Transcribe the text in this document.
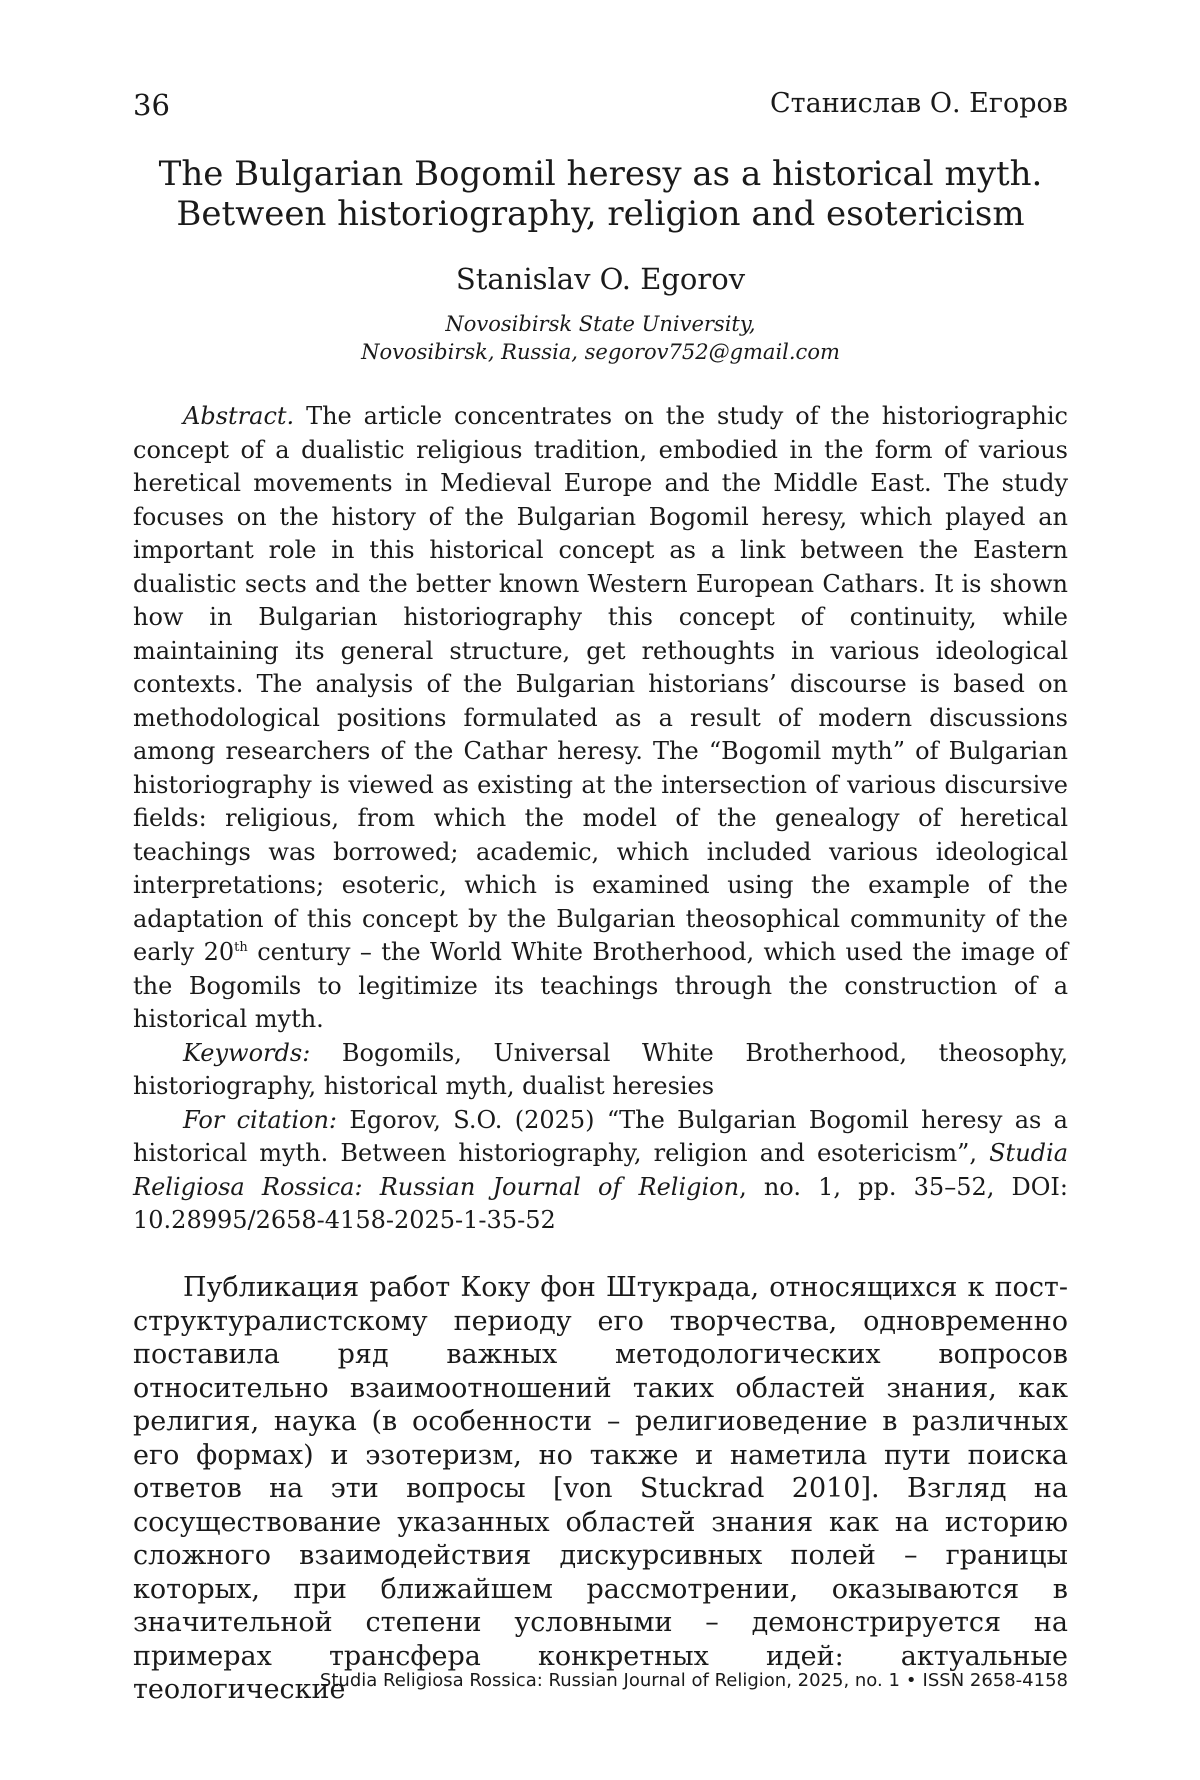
36	Станислав О. Егоров
The Bulgarian Bogomil heresy as a historical myth.
Between historiography, religion and esotericism
Stanislav O. Egorov
Novosibirsk State University,
Novosibirsk, Russia, segorov752@gmail.com

Abstract. The article concentrates on the study of the historiographic concept of a dualistic religious tradition, embodied in the form of various heretical movements in Medieval Europe and the Middle East. The study focuses on the history of the Bulgarian Bogomil heresy, which played an important role in this historical concept as a link between the Eastern dualistic sects and the better known Western European Cathars. It is shown how in Bulgarian historiography this concept of continuity, while maintaining its general structure, get rethoughts in various ideological contexts. The analysis of the Bulgarian historians’ discourse is based on methodological positions formulated as a result of modern discussions among researchers of the Cathar heresy. The “Bogomil myth” of Bulgarian historiography is viewed as existing at the intersection of various discursive fields: religious, from which the model of the genealogy of heretical teachings was borrowed; academic, which included various ideological interpretations; esoteric, which is examined using the example of the adaptation of this concept by the Bulgarian theosophical community of the early 20th century – the World White Brotherhood, which used the image of the Bogomils to legitimize its teachings through the construction of a historical myth.

Keywords: Bogomils, Universal White Brotherhood, theosophy, historiography, historical myth, dualist heresies

For citation: Egorov, S.O. (2025) “The Bulgarian Bogomil heresy as a historical myth. Between historiography, religion and esotericism”, Studia Religiosa Rossica: Russian Journal of Religion, no. 1, pp. 35–52, DOI: 10.28995/2658-4158-2025-1-35-52

Публикация работ Коку фон Штукрада, относящихся к пост-структуралистскому периоду его творчества, одновременно поставила ряд важных методологических вопросов относительно взаимоотношений таких областей знания, как религия, наука (в особенности – религиоведение в различных его формах) и эзотеризм, но также и наметила пути поиска ответов на эти вопросы [von Stuckrad 2010]. Взгляд на сосуществование указанных областей знания как на историю сложного взаимодействия дискурсивных полей – границы которых, при ближайшем рассмотрении, оказываются в значительной степени условными – демонстрируется на примерах трансфера конкретных идей: актуальные теологические

Studia Religiosa Rossica: Russian Journal of Religion, 2025, no. 1 • ISSN 2658-4158
